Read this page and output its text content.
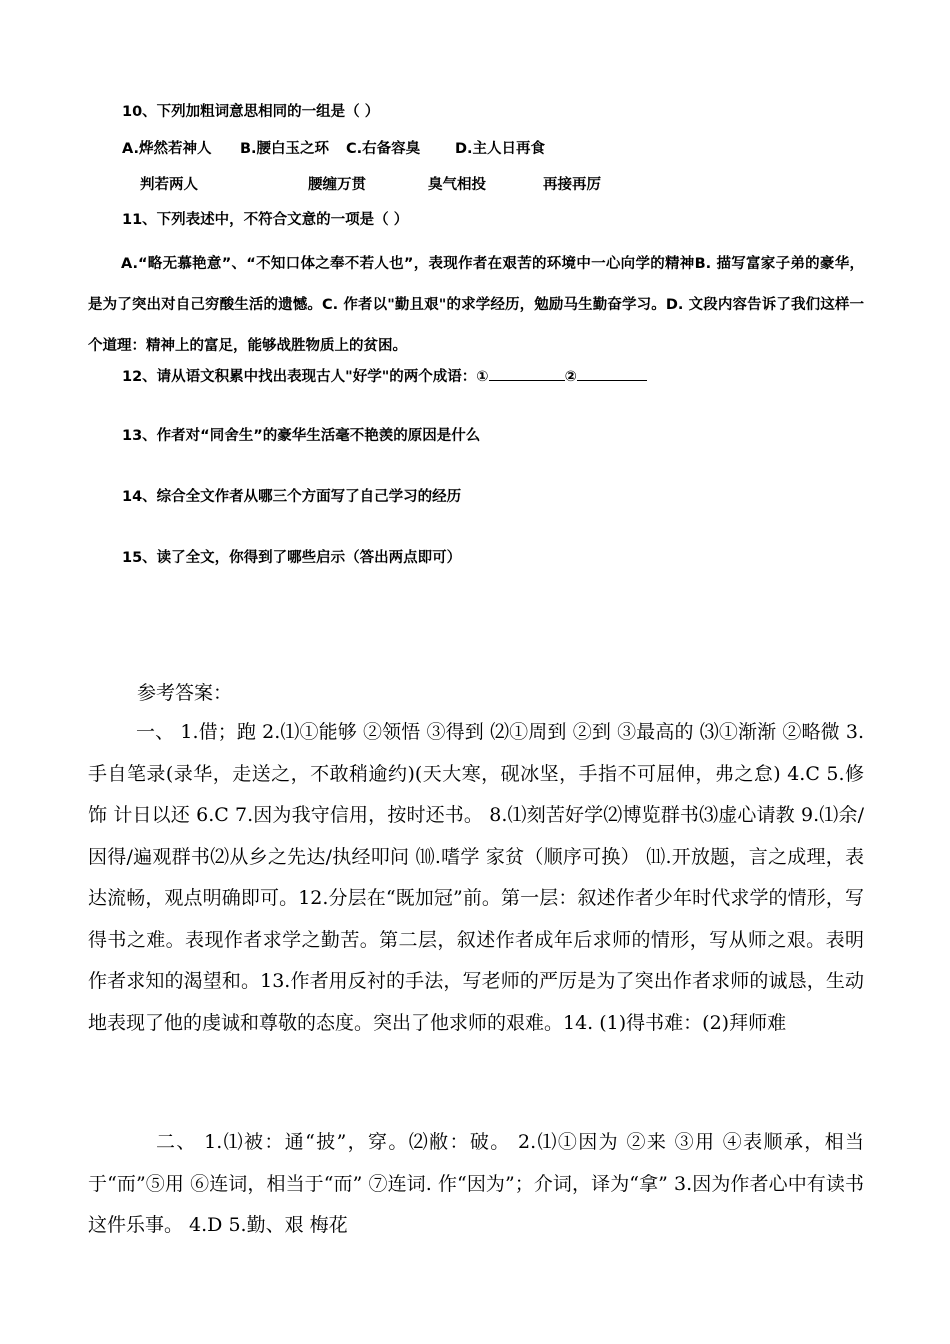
10、下列加粗词意思相同的一组是（ ）
A.烨然若神人 B.腰白玉之环 C.右备容臭 D.主人日再食
判若两人	腰缠万贯	臭气相投	再接再厉
11、下列表述中，不符合文意的一项是（ ）
A.“略无慕艳意”、“不知口体之奉不若人也”，表现作者在艰苦的环境中一心向学的精神B. 描写富家子弟的豪华，是为了突出对自己穷酸生活的遗憾。C. 作者以"勤且艰"的求学经历，勉励马生勤奋学习。D. 文段内容告诉了我们这样一个道理：精神上的富足，能够战胜物质上的贫困。
12、请从语文积累中找出表现古人"好学"的两个成语：①	②
13、作者对“同舍生”的豪华生活毫不艳羡的原因是什么
14、综合全文作者从哪三个方面写了自己学习的经历
15、读了全文，你得到了哪些启示（答出两点即可）
参考答案：
一、 1.借；跑 2.⑴①能够 ②领悟 ③得到 ⑵①周到 ②到 ③最高的 ⑶①渐渐 ②略微 3.手自笔录(录华，走送之，不敢稍逾约)(天大寒，砚冰坚，手指不可屈伸，弗之怠) 4.C 5.修饰 计日以还 6.C 7.因为我守信用，按时还书。 8.⑴刻苦好学⑵博览群书⑶虚心请教 9.⑴余/因得/遍观群书⑵从乡之先达/执经叩问 ⑽.嗜学 家贫（顺序可换） ⑾.开放题，言之成理，表达流畅，观点明确即可。12.分层在“既加冠”前。第一层：叙述作者少年时代求学的情形，写得书之难。表现作者求学之勤苦。第二层，叙述作者成年后求师的情形，写从师之艰。表明作者求知的渴望和。13.作者用反衬的手法，写老师的严厉是为了突出作者求师的诚恳，生动地表现了他的虔诚和尊敬的态度。突出了他求师的艰难。14. (1)得书难：(2)拜师难
二、 1.⑴被：通“披”，穿。⑵敝：破。 2.⑴①因为 ②来 ③用 ④表顺承，相当于“而”⑤用 ⑥连词，相当于“而” ⑦连词. 作“因为”；介词，译为“拿” 3.因为作者心中有读书这件乐事。 4.D 5.勤、艰 梅花
